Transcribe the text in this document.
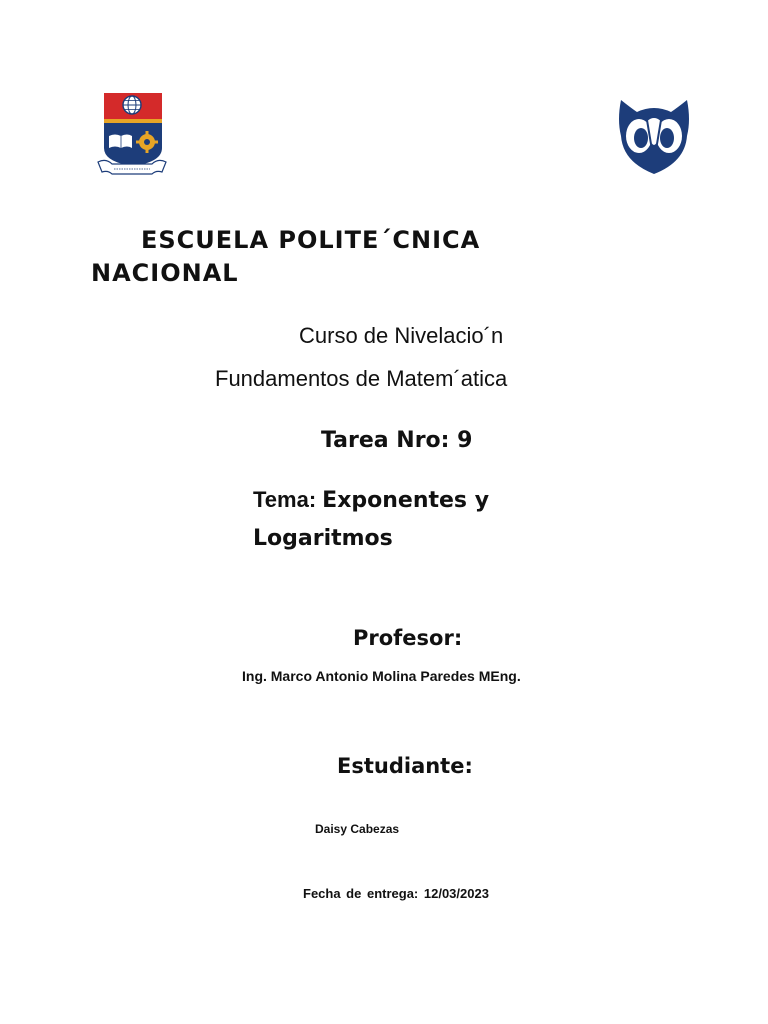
ESCUELA POLITE´CNICA
NACIONAL

Curso de Nivelacio´n

Fundamentos de Matem´atica

Tarea Nro: 9

Tema: Exponentes y

Logaritmos

Profesor:

Ing. Marco Antonio Molina Paredes MEng.

Estudiante:

Daisy Cabezas

Fecha de entrega: 12/03/2023
